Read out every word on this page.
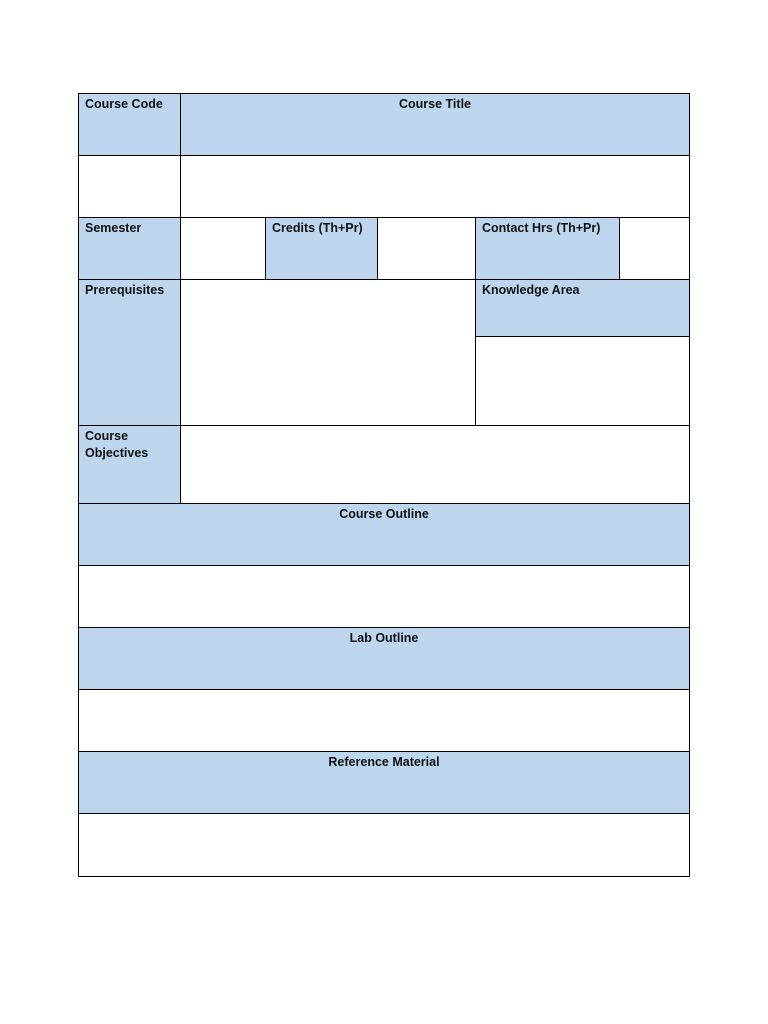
Course Code	Course Title
Semester	Credits (Th+Pr)	Contact Hrs (Th+Pr)
Prerequisites	Knowledge Area
Course Objectives
Course Outline
Lab Outline
Reference Material
